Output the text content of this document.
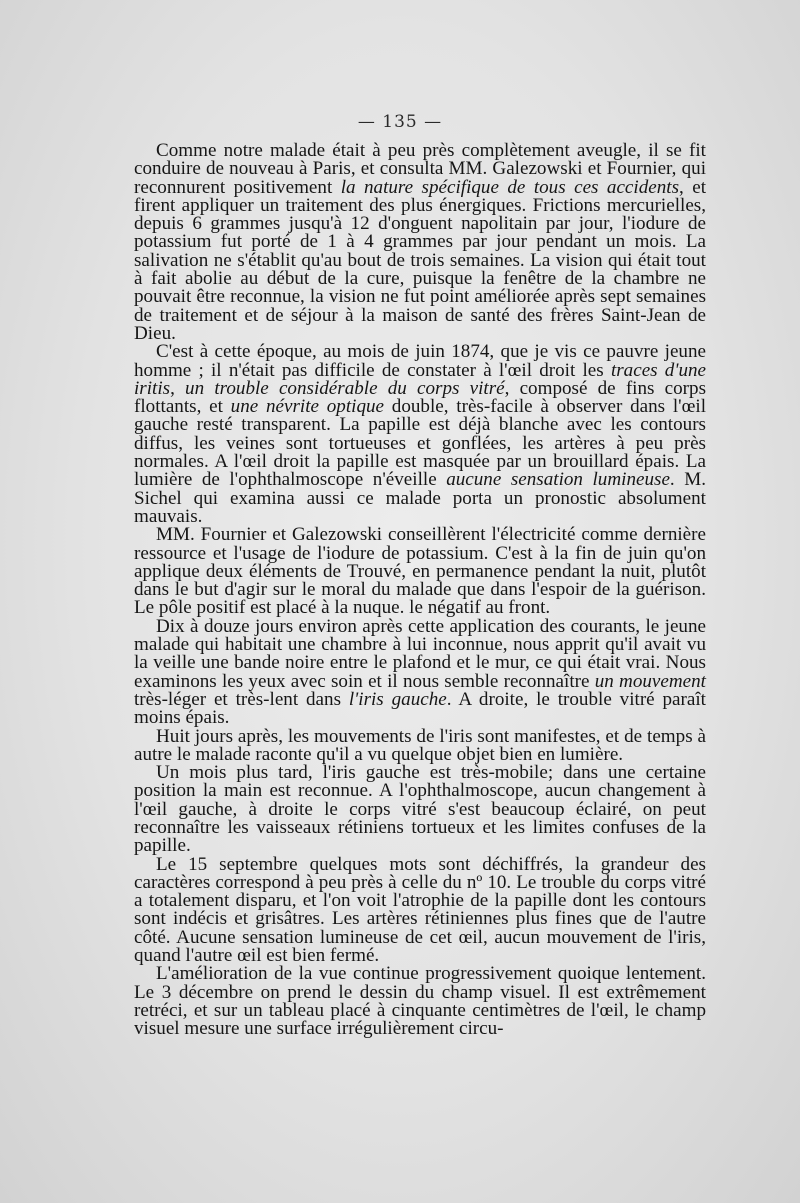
— 135 —

Comme notre malade était à peu près complètement aveugle, il se fit conduire de nouveau à Paris, et consulta MM. Galezowski et Fournier, qui reconnurent positivement la nature spécifique de tous ces accidents, et firent appliquer un traitement des plus énergiques. Frictions mercurielles, depuis 6 grammes jusqu'à 12 d'onguent napolitain par jour, l'iodure de potassium fut porté de 1 à 4 grammes par jour pendant un mois. La salivation ne s'établit qu'au bout de trois semaines. La vision qui était tout à fait abolie au début de la cure, puisque la fenêtre de la chambre ne pouvait être reconnue, la vision ne fut point améliorée après sept semaines de traitement et de séjour à la maison de santé des frères Saint-Jean de Dieu.

C'est à cette époque, au mois de juin 1874, que je vis ce pauvre jeune homme ; il n'était pas difficile de constater à l'œil droit les traces d'une iritis, un trouble considérable du corps vitré, composé de fins corps flottants, et une névrite optique double, très-facile à observer dans l'œil gauche resté transparent. La papille est déjà blanche avec les contours diffus, les veines sont tortueuses et gonflées, les artères à peu près normales. A l'œil droit la papille est masquée par un brouillard épais. La lumière de l'ophthalmoscope n'éveille aucune sensation lumineuse. M. Sichel qui examina aussi ce malade porta un pronostic absolument mauvais.

MM. Fournier et Galezowski conseillèrent l'électricité comme dernière ressource et l'usage de l'iodure de potassium. C'est à la fin de juin qu'on applique deux éléments de Trouvé, en permanence pendant la nuit, plutôt dans le but d'agir sur le moral du malade que dans l'espoir de la guérison. Le pôle positif est placé à la nuque. le négatif au front.

Dix à douze jours environ après cette application des courants, le jeune malade qui habitait une chambre à lui inconnue, nous apprit qu'il avait vu la veille une bande noire entre le plafond et le mur, ce qui était vrai. Nous examinons les yeux avec soin et il nous semble reconnaître un mouvement très-léger et très-lent dans l'iris gauche. A droite, le trouble vitré paraît moins épais.

Huit jours après, les mouvements de l'iris sont manifestes, et de temps à autre le malade raconte qu'il a vu quelque objet bien en lumière.

Un mois plus tard, l'iris gauche est très-mobile; dans une certaine position la main est reconnue. A l'ophthalmoscope, aucun changement à l'œil gauche, à droite le corps vitré s'est beaucoup éclairé, on peut reconnaître les vaisseaux rétiniens tortueux et les limites confuses de la papille.

Le 15 septembre quelques mots sont déchiffrés, la grandeur des caractères correspond à peu près à celle du nº 10. Le trouble du corps vitré a totalement disparu, et l'on voit l'atrophie de la papille dont les contours sont indécis et grisâtres. Les artères rétiniennes plus fines que de l'autre côté. Aucune sensation lumineuse de cet œil, aucun mouvement de l'iris, quand l'autre œil est bien fermé.

L'amélioration de la vue continue progressivement quoique lentement. Le 3 décembre on prend le dessin du champ visuel. Il est extrêmement retréci, et sur un tableau placé à cinquante centimètres de l'œil, le champ visuel mesure une surface irrégulièrement circu-
